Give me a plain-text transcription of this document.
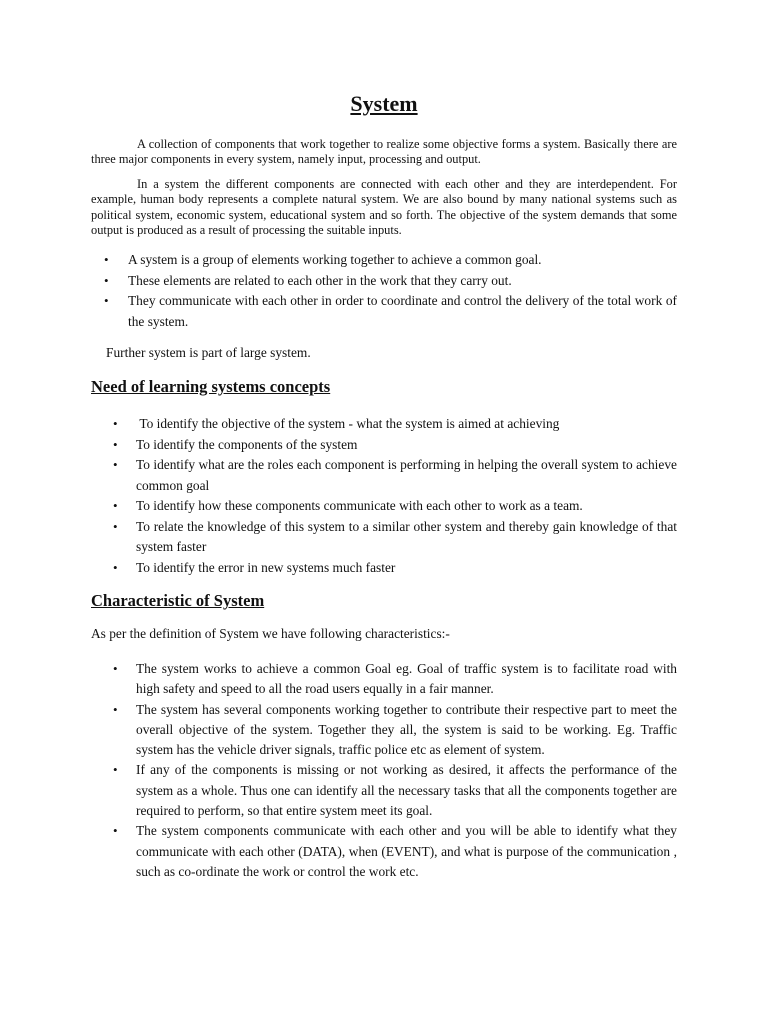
System

A collection of components that work together to realize some objective forms a system. Basically there are three major components in every system, namely input, processing and output.

In a system the different components are connected with each other and they are interdependent. For example, human body represents a complete natural system. We are also bound by many national systems such as political system, economic system, educational system and so forth. The objective of the system demands that some output is produced as a result of processing the suitable inputs.

• A system is a group of elements working together to achieve a common goal.
• These elements are related to each other in the work that they carry out.
• They communicate with each other in order to coordinate and control the delivery of the total work of the system.

Further system is part of large system.

Need of learning systems concepts
• To identify the objective of the system - what the system is aimed at achieving
• To identify the components of the system
• To identify what are the roles each component is performing in helping the overall system to achieve common goal
• To identify how these components communicate with each other to work as a team.
• To relate the knowledge of this system to a similar other system and thereby gain knowledge of that system faster
• To identify the error in new systems much faster
Characteristic of System

As per the definition of System we have following characteristics:-

• The system works to achieve a common Goal eg. Goal of traffic system is to facilitate road with high safety and speed to all the road users equally in a fair manner.
• The system has several components working together to contribute their respective part to meet the overall objective of the system. Together they all, the system is said to be working. Eg. Traffic system has the vehicle driver signals, traffic police etc as element of system.
• If any of the components is missing or not working as desired, it affects the performance of the system as a whole. Thus one can identify all the necessary tasks that all the components together are required to perform, so that entire system meet its goal.
• The system components communicate with each other and you will be able to identify what they communicate with each other (DATA), when (EVENT), and what is purpose of the communication , such as co-ordinate the work or control the work etc.
